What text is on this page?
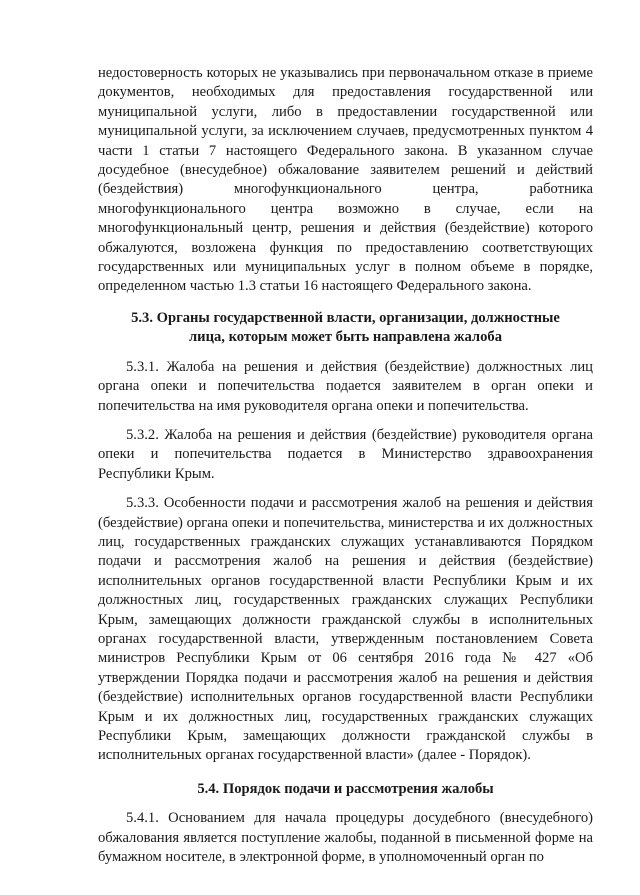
недостоверность которых не указывались при первоначальном отказе в приеме документов, необходимых для предоставления государственной или муниципальной услуги, либо в предоставлении государственной или муниципальной услуги, за исключением случаев, предусмотренных пунктом 4 части 1 статьи 7 настоящего Федерального закона. В указанном случае досудебное (внесудебное) обжалование заявителем решений и действий (бездействия) многофункционального центра, работника многофункционального центра возможно в случае, если на многофункциональный центр, решения и действия (бездействие) которого обжалуются, возложена функция по предоставлению соответствующих государственных или муниципальных услуг в полном объеме в порядке, определенном частью 1.3 статьи 16 настоящего Федерального закона.

5.3. Органы государственной власти, организации, должностные
лица, которым может быть направлена жалоба

5.3.1. Жалоба на решения и действия (бездействие) должностных лиц органа опеки и попечительства подается заявителем в орган опеки и попечительства на имя руководителя органа опеки и попечительства.

5.3.2. Жалоба на решения и действия (бездействие) руководителя органа опеки и попечительства подается в Министерство здравоохранения Республики Крым.

5.3.3. Особенности подачи и рассмотрения жалоб на решения и действия (бездействие) органа опеки и попечительства, министерства и их должностных лиц, государственных гражданских служащих устанавливаются Порядком подачи и рассмотрения жалоб на решения и действия (бездействие) исполнительных органов государственной власти Республики Крым и их должностных лиц, государственных гражданских служащих Республики Крым, замещающих должности гражданской службы в исполнительных органах государственной власти, утвержденным постановлением Совета министров Республики Крым от 06 сентября 2016 года № 427 «Об утверждении Порядка подачи и рассмотрения жалоб на решения и действия (бездействие) исполнительных органов государственной власти Республики Крым и их должностных лиц, государственных гражданских служащих Республики Крым, замещающих должности гражданской службы в исполнительных органах государственной власти» (далее - Порядок).

5.4. Порядок подачи и рассмотрения жалобы

5.4.1. Основанием для начала процедуры досудебного (внесудебного) обжалования является поступление жалобы, поданной в письменной форме на бумажном носителе, в электронной форме, в уполномоченный орган по
